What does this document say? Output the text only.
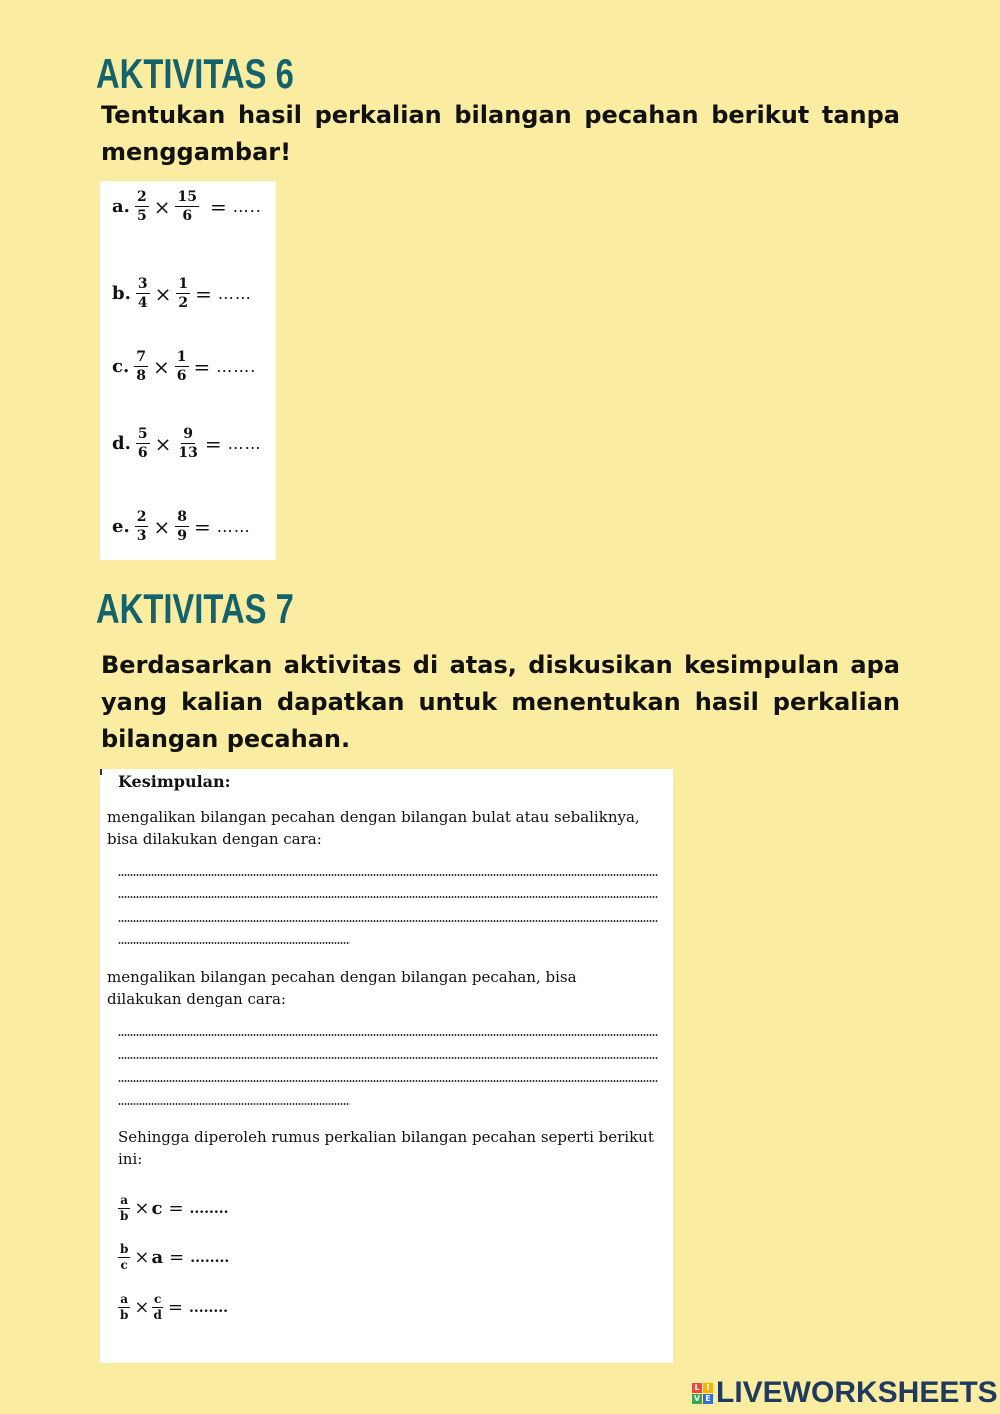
AKTIVITAS 6

Tentukan hasil perkalian bilangan pecahan berikut tanpa menggambar!

a. $\frac{2}{5} \times \frac{15}{6}$ = …..
b. $\frac{3}{4} \times \frac{1}{2}$ = ……
c. $\frac{7}{8} \times \frac{1}{6}$ = …….
d. $\frac{5}{6} \times \frac{9}{13}$ = ……
e. $\frac{2}{3} \times \frac{8}{9}$ = ……
AKTIVITAS 7

Berdasarkan aktivitas di atas, diskusikan kesimpulan apa yang kalian dapatkan untuk menentukan hasil perkalian bilangan pecahan.

Kesimpulan:
mengalikan bilangan pecahan dengan bilangan bulat atau sebaliknya, bisa dilakukan dengan cara:
mengalikan bilangan pecahan dengan bilangan pecahan, bisa dilakukan dengan cara:
Sehingga diperoleh rumus perkalian bilangan pecahan seperti berikut ini:
$\frac{a}{b} \times c$ = ........
$\frac{b}{c} \times a$ = ........
$\frac{a}{b} \times \frac{c}{d}$ = ........
L I
V E LIVEWORKSHEETS
